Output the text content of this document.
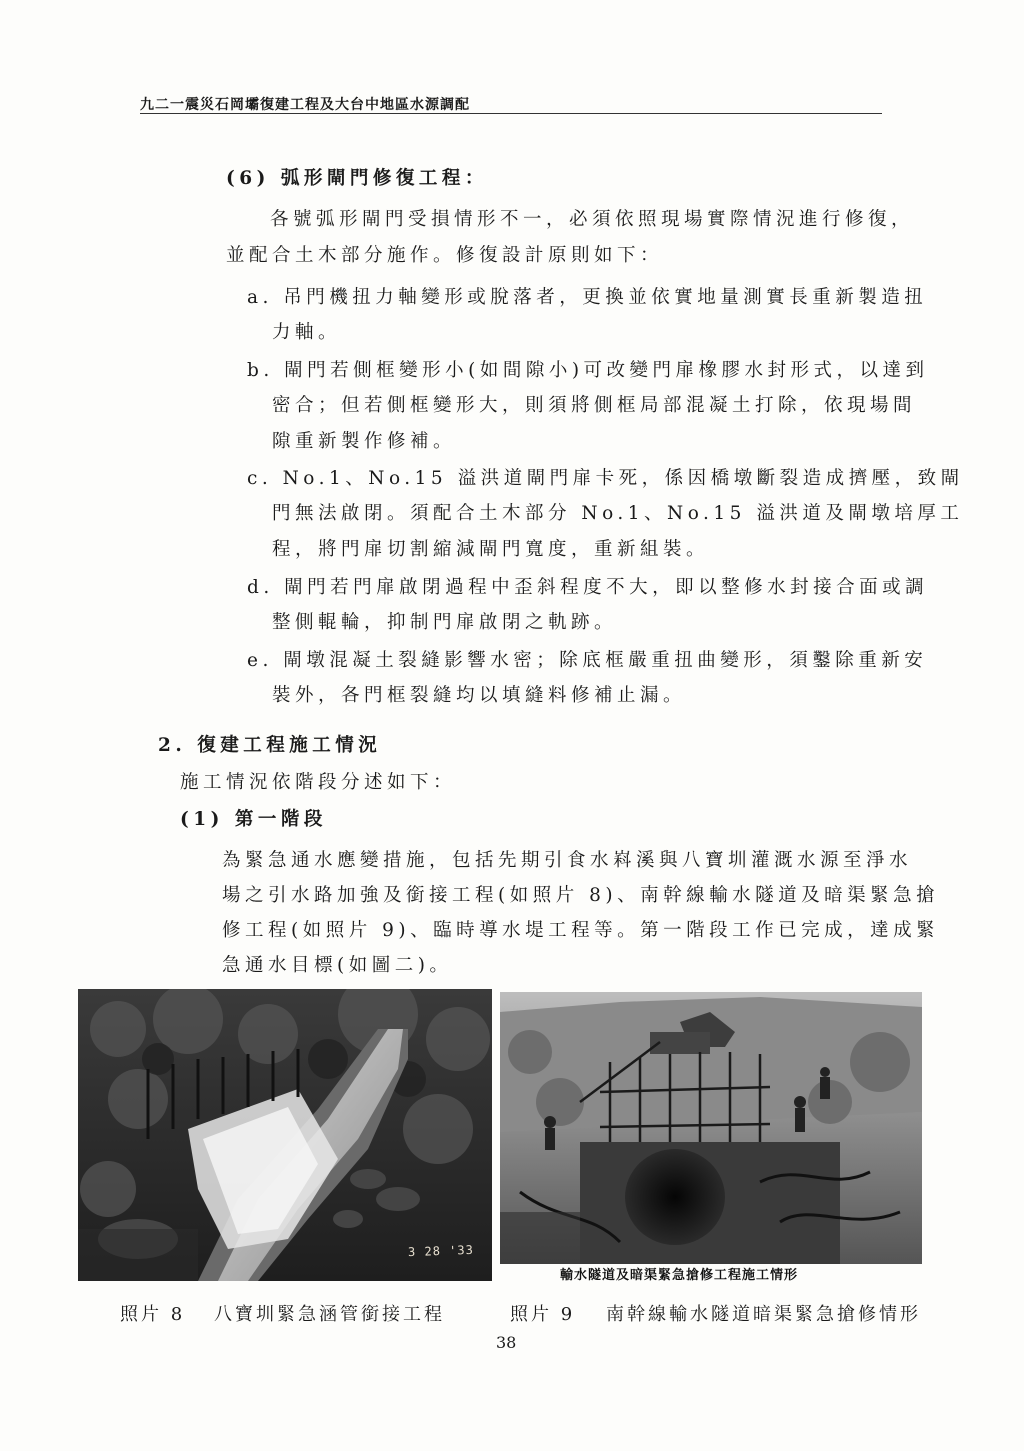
九二一震災石岡壩復建工程及大台中地區水源調配
(6) 弧形閘門修復工程：
各號弧形閘門受損情形不一，必須依照現場實際情況進行修復，
並配合土木部分施作。修復設計原則如下：
a. 吊門機扭力軸變形或脫落者，更換並依實地量測實長重新製造扭
力軸。
b. 閘門若側框變形小(如間隙小)可改變門扉橡膠水封形式，以達到
密合；但若側框變形大，則須將側框局部混凝土打除，依現場間
隙重新製作修補。
c. No.1、No.15 溢洪道閘門扉卡死，係因橋墩斷裂造成擠壓，致閘
門無法啟閉。須配合土木部分 No.1、No.15 溢洪道及閘墩培厚工
程，將門扉切割縮減閘門寬度，重新組裝。
d. 閘門若門扉啟閉過程中歪斜程度不大，即以整修水封接合面或調
整側輥輪，抑制門扉啟閉之軌跡。
e. 閘墩混凝土裂縫影響水密；除底框嚴重扭曲變形，須鑿除重新安
裝外，各門框裂縫均以填縫料修補止漏。
2. 復建工程施工情況
施工情況依階段分述如下：
(1) 第一階段
為緊急通水應變措施，包括先期引食水嵙溪與八寶圳灌溉水源至淨水
場之引水路加強及銜接工程(如照片 8)、南幹線輸水隧道及暗渠緊急搶
修工程(如照片 9)、臨時導水堤工程等。第一階段工作已完成，達成緊
急通水目標(如圖二)。
3 28 '33
輸水隧道及暗渠緊急搶修工程施工情形
照片 8 八寶圳緊急涵管銜接工程	照片 9 南幹線輸水隧道暗渠緊急搶修情形
38
